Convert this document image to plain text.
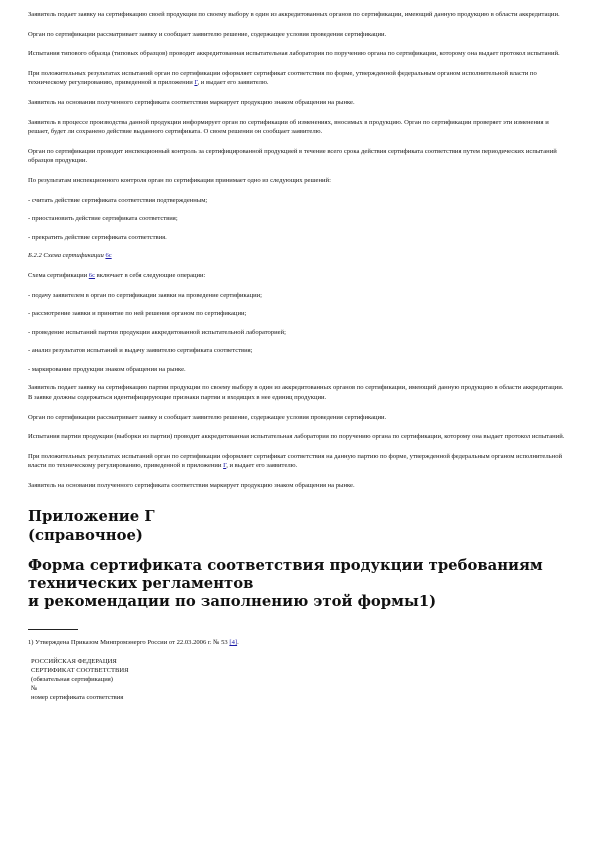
Заявитель подает заявку на сертификацию своей продукции по своему выбору в один из аккредитованных органов по сертификации, имеющий данную продукцию в области аккредитации.

Орган по сертификации рассматривает заявку и сообщает заявителю решение, содержащее условия проведения сертификации.

Испытания типового образца (типовых образцов) проводит аккредитованная испытательная лаборатория по поручению органа по сертификации, которому она выдает протокол испытаний.

При положительных результатах испытаний орган по сертификации оформляет сертификат соответствия по форме, утвержденной федеральным органом исполнительной власти по техническому регулированию, приведенной в приложении Г, и выдает его заявителю.

Заявитель на основании полученного сертификата соответствия маркирует продукцию знаком обращения на рынке.

Заявитель в процессе производства данной продукции информирует орган по сертификации об изменениях, вносимых в продукцию. Орган по сертификации проверяет эти изменения и решает, будет ли сохранено действие выданного сертификата. О своем решении он сообщает заявителю.

Орган по сертификации проводит инспекционный контроль за сертифицированной продукцией в течение всего срока действия сертификата соответствия путем периодических испытаний образцов продукции.

По результатам инспекционного контроля орган по сертификации принимает одно из следующих решений:

- считать действие сертификата соответствия подтвержденным;

- приостановить действие сертификата соответствия;

- прекратить действие сертификата соответствия.

Б.2.2 Схема сертификации 6с

Схема сертификации 6с включает в себя следующие операции:

- подачу заявителем в орган по сертификации заявки на проведение сертификации;

- рассмотрение заявки и принятие по ней решения органом по сертификации;

- проведение испытаний партии продукции аккредитованной испытательной лабораторией;

- анализ результатов испытаний и выдачу заявителю сертификата соответствия;

- маркирование продукции знаком обращения на рынке.

Заявитель подает заявку на сертификацию партии продукции по своему выбору в один из аккредитованных органов по сертификации, имеющий данную продукцию в области аккредитации. В заявке должны содержаться идентифицирующие признаки партии и входящих в нее единиц продукции.

Орган по сертификации рассматривает заявку и сообщает заявителю решение, содержащее условия проведения сертификации.

Испытания партии продукции (выборки из партии) проводит аккредитованная испытательная лаборатория по поручению органа по сертификации, которому она выдает протокол испытаний.

При положительных результатах испытаний орган по сертификации оформляет сертификат соответствия на данную партию по форме, утвержденной федеральным органом исполнительной власти по техническому регулированию, приведенной в приложении Г, и выдает его заявителю.

Заявитель на основании полученного сертификата соответствия маркирует продукцию знаком обращения на рынке.

Приложение Г
(справочное)
Форма сертификата соответствия продукции требованиям
технических регламентов
и рекомендации по заполнению этой формы1)

1) Утверждена Приказом Минпромэнерго России от 22.03.2006 г. № 53 [4].

РОССИЙСКАЯ ФЕДЕРАЦИЯ
СЕРТИФИКАТ СООТВЕТСТВИЯ
(обязательная сертификация)
№
номер сертификата соответствия
